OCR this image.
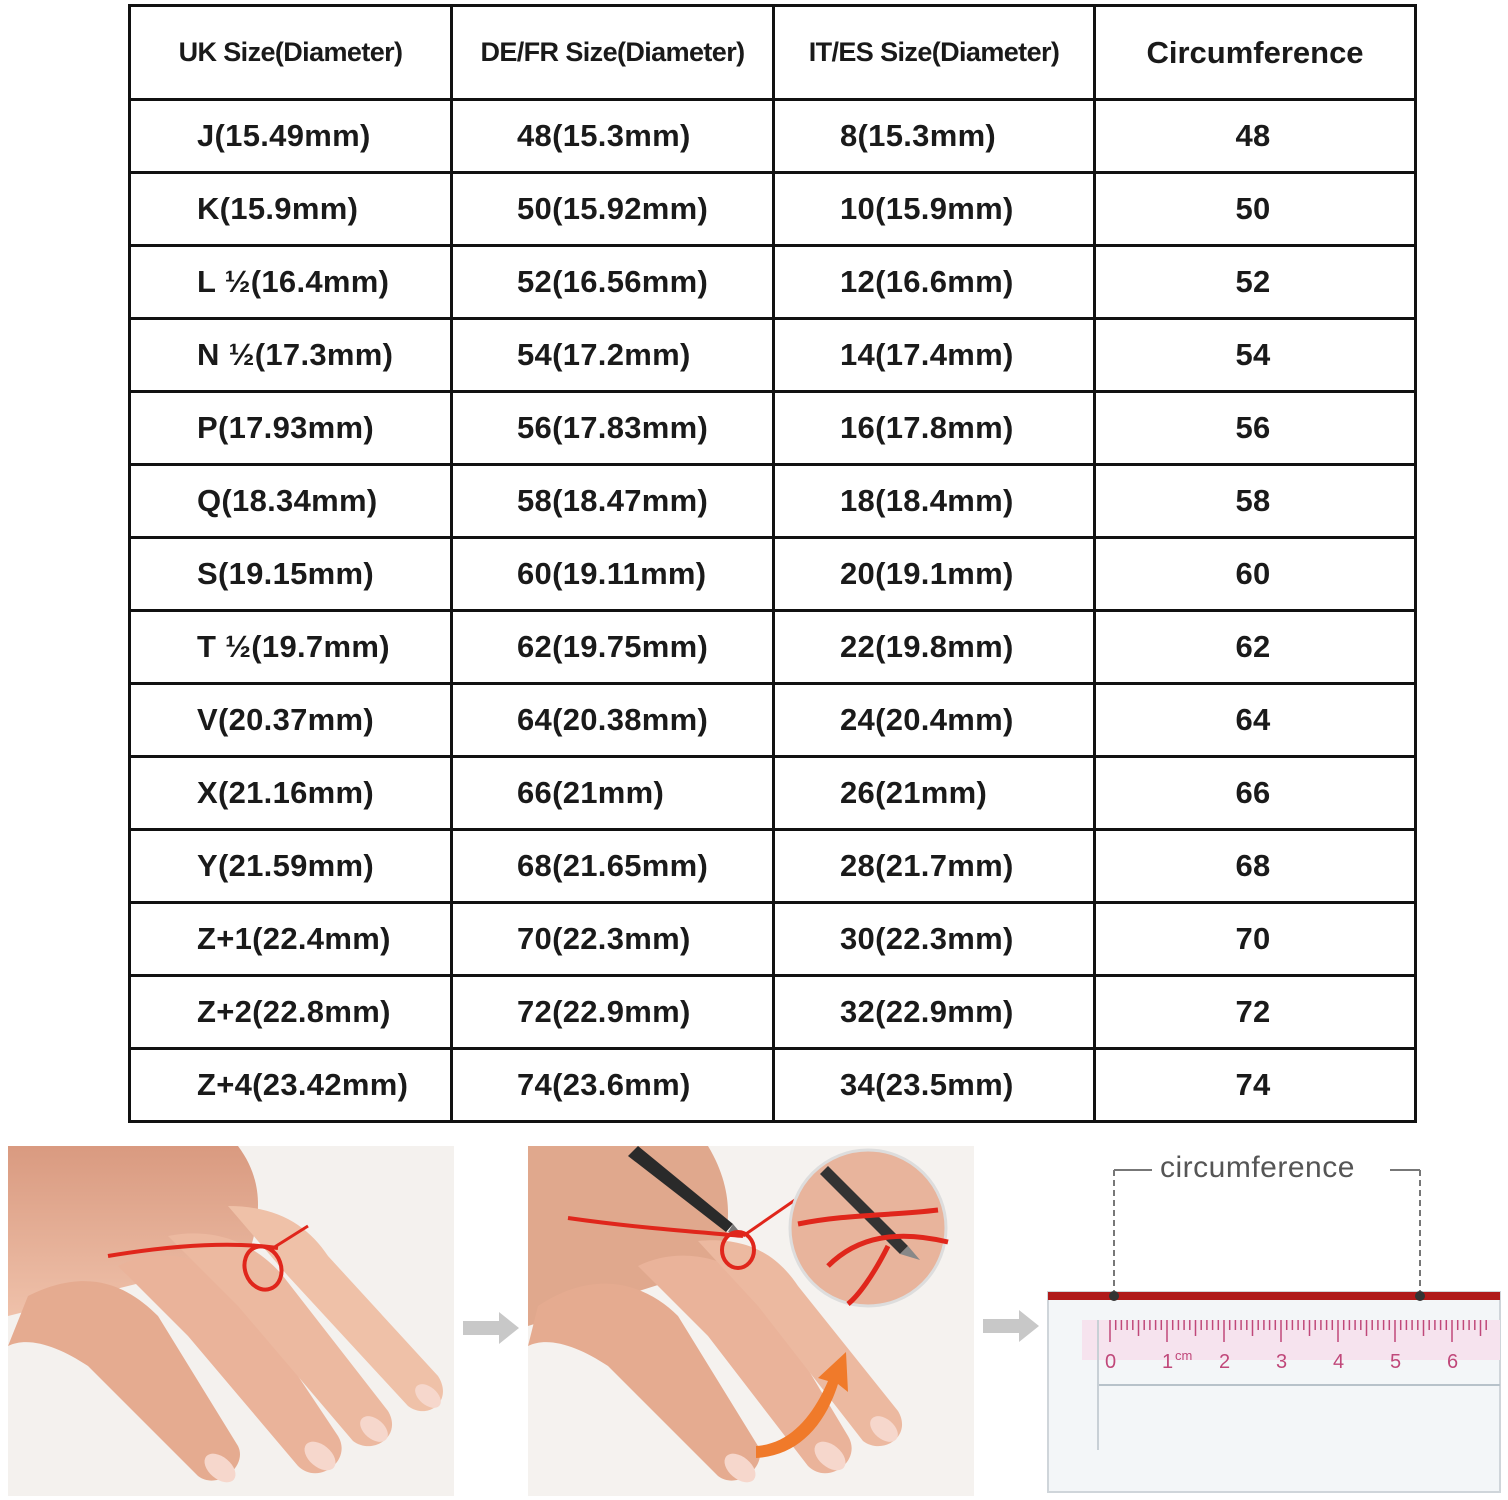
UK Size(Diameter)	DE/FR Size(Diameter)	IT/ES Size(Diameter)	Circumference
J(15.49mm)	48(15.3mm)	8(15.3mm)	48
K(15.9mm)	50(15.92mm)	10(15.9mm)	50
L ½(16.4mm)	52(16.56mm)	12(16.6mm)	52
N ½(17.3mm)	54(17.2mm)	14(17.4mm)	54
P(17.93mm)	56(17.83mm)	16(17.8mm)	56
Q(18.34mm)	58(18.47mm)	18(18.4mm)	58
S(19.15mm)	60(19.11mm)	20(19.1mm)	60
T ½(19.7mm)	62(19.75mm)	22(19.8mm)	62
V(20.37mm)	64(20.38mm)	24(20.4mm)	64
X(21.16mm)	66(21mm)	26(21mm)	66
Y(21.59mm)	68(21.65mm)	28(21.7mm)	68
Z+1(22.4mm)	70(22.3mm)	30(22.3mm)	70
Z+2(22.8mm)	72(22.9mm)	32(22.9mm)	72
Z+4(23.42mm)	74(23.6mm)	34(23.5mm)	74
circumference
0 1 2 3 4 5 6
cm
